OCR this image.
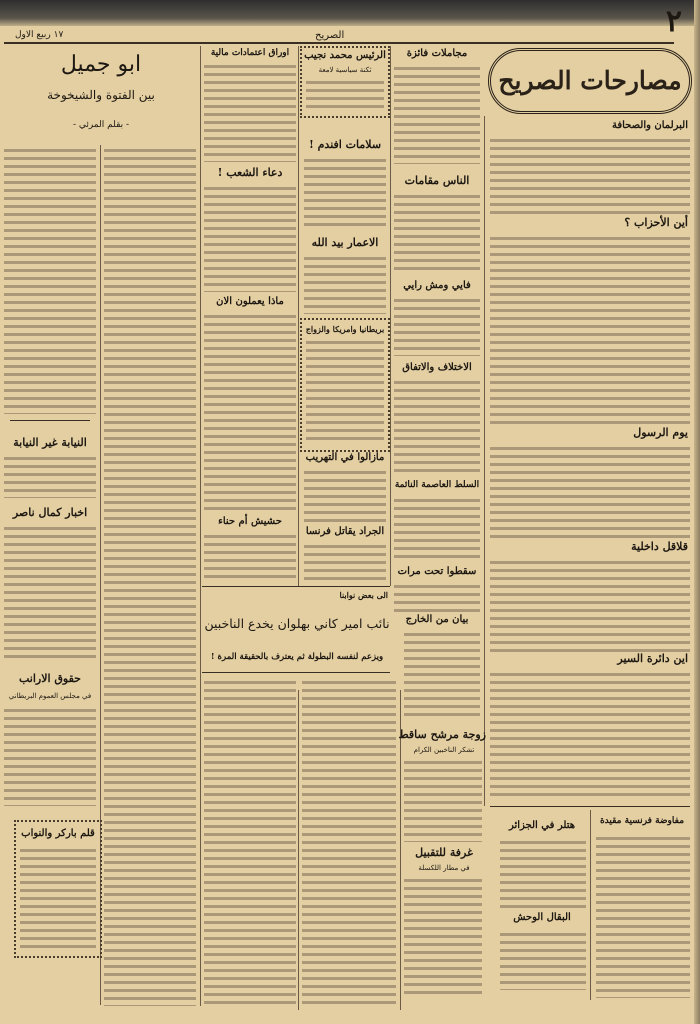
٢
الصريح
١٧ ربيع الاول
مصارحات الصريح
البرلمان والصحافة
أين الأحزاب ؟
يوم الرسول
قلاقل داخلية
اين دائرة السير
مجاملات فائزة
الناس مقامات
فايي ومش رايي
الاختلاف والاتفاق
السلط العاصمة النائمة
سقطوا تحت مرات
بيان من الخارج
زوجة مرشح ساقط
تشكر الناخبين الكرام
غرفة للتقبيل
في مطار اللكسلة
الرئيس محمد نجيب
ثكنة سياسية لامعة
سلامات افندم !
الاعمار بيد الله
بريطانيا وامريكا والزواج
مازالوا في التهريب
الجراد يقاتل فرنسا
اوراق اعتمادات مالية
دعاء الشعب !
ماذا يعملون الان
حشيش أم حناء
الى بعض نوابنا
نائب امير كاني بهلوان يخدع الناخبين
ويزعم لنفسه البطولة ثم يعترف بالحقيقة المرة !
ابو جميل
بين الفتوة والشيخوخة
- بقلم المرئي -
النيابة غير النيابة
اخبار كمال ناصر
حقوق الارانب
في مجلس العموم البريطاني
قلم باركر والنواب
مفاوضة فرنسية مقيدة
هتلر في الجزائر
البقال الوحش
